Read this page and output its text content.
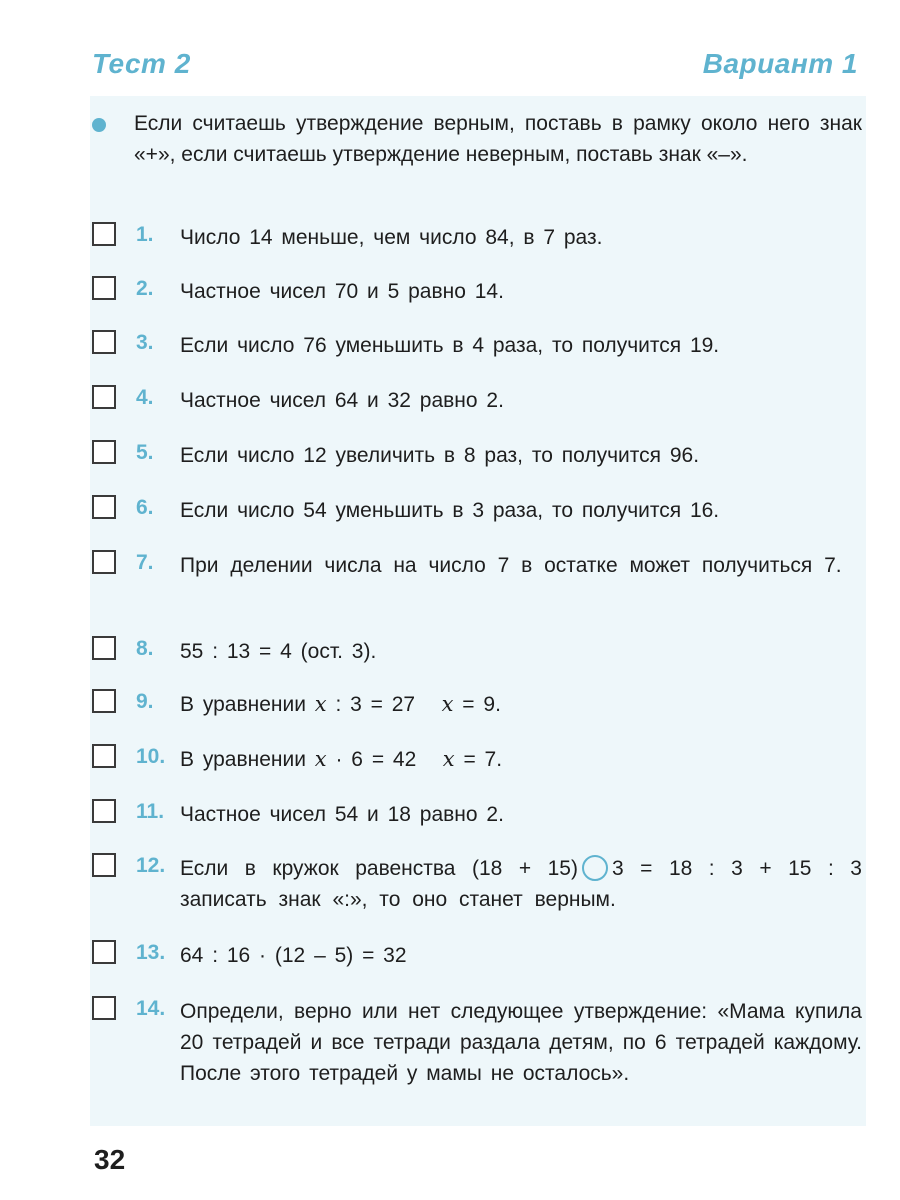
Тест 2	Вариант 1
Если считаешь утверждение верным, поставь в рамку около него знак «+», если считаешь утверждение неверным, поставь знак «–».
1. Число 14 меньше, чем число 84, в 7 раз.
2. Частное чисел 70 и 5 равно 14.
3. Если число 76 уменьшить в 4 раза, то получится 19.
4. Частное чисел 64 и 32 равно 2.
5. Если число 12 увеличить в 8 раз, то получится 96.
6. Если число 54 уменьшить в 3 раза, то получится 16.
7. При делении числа на число 7 в остатке может получиться 7.
8. 55 : 13 = 4 (ост. 3).
9. В уравнении x : 3 = 27   x = 9.
10. В уравнении x · 6 = 42   x = 7.
11. Частное чисел 54 и 18 равно 2.
12. Если в кружок равенства (18 + 15) 3 = 18 : 3 + 15 : 3 записать знак «:», то оно станет верным.
13. 64 : 16 · (12 – 5) = 32
14. Определи, верно или нет следующее утверждение: «Мама купила 20 тетрадей и все тетради раздала детям, по 6 тетрадей каждому. После этого тетрадей у мамы не осталось».
32
